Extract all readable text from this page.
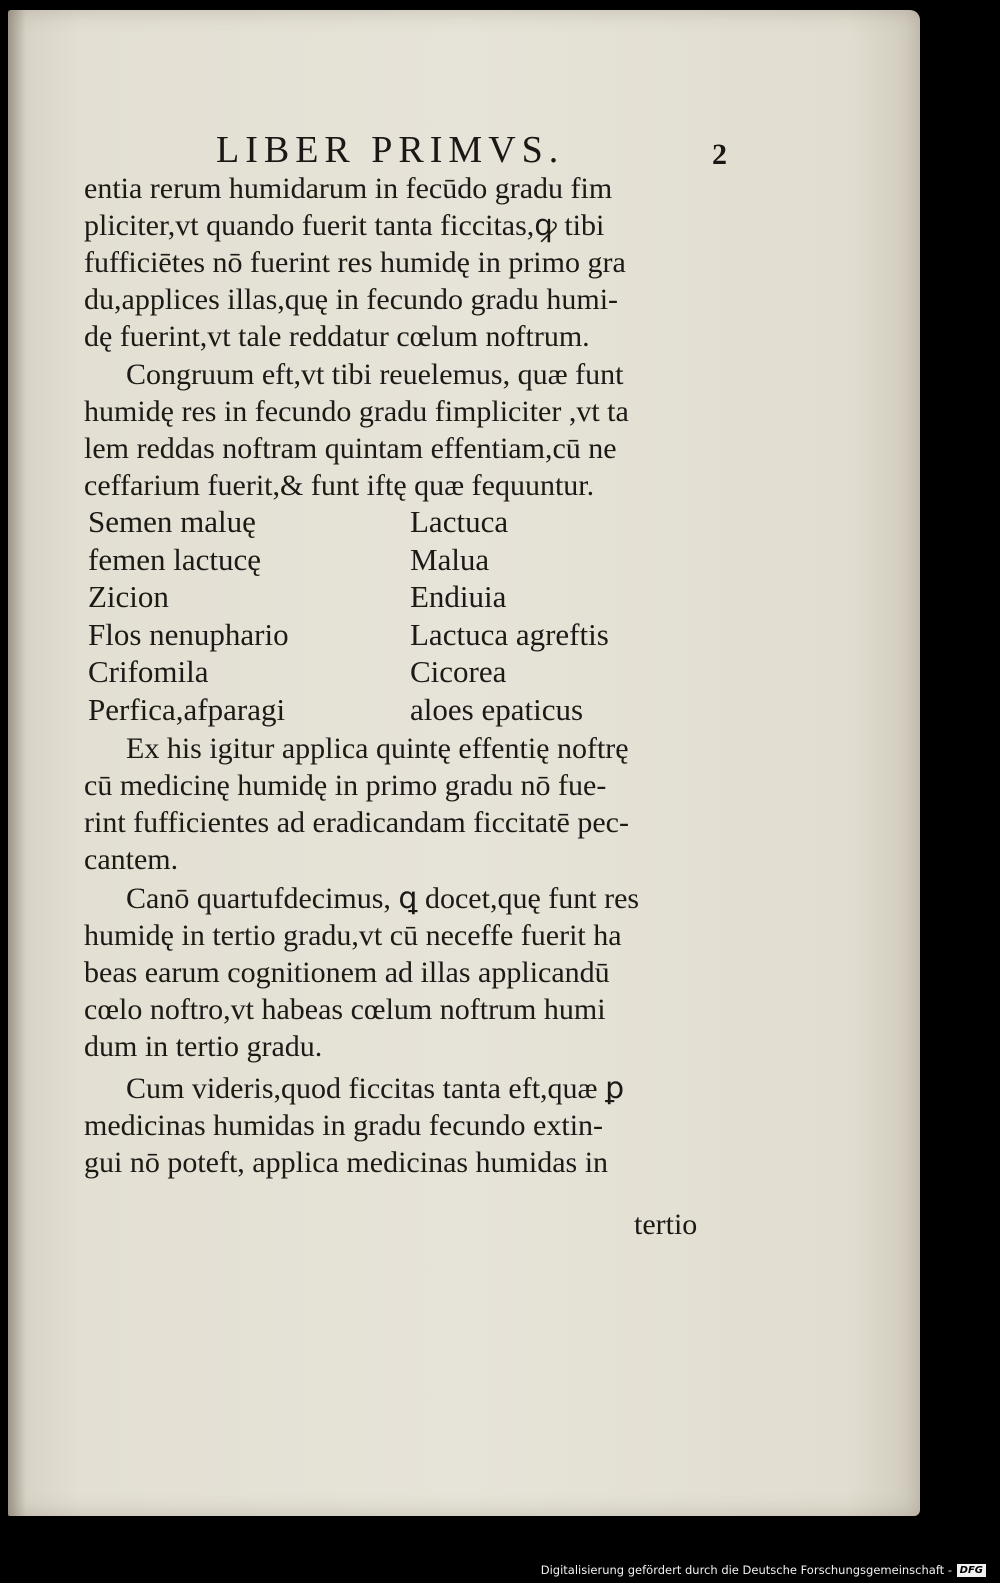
LIBER PRIMVS.	2
entia rerum humidarum in fecūdo gradu fim
pliciter,vt quando fuerit tanta ficcitas,ꝙ tibi
fufficiētes nō fuerint res humidę in primo gra
du,applices illas,quę in fecundo gradu humi-
dę fuerint,vt tale reddatur cœlum noftrum.
Congruum eft,vt tibi reuelemus, quæ funt
humidę res in fecundo gradu fimpliciter ,vt ta
lem reddas noftram quintam effentiam,cū ne
ceffarium fuerit,& funt iftę quæ fequuntur.
Semen maluę	Lactuca
femen lactucę	Malua
Zicion	Endiuia
Flos nenuphario	Lactuca agreftis
Crifomila	Cicorea
Perfica,afparagi	aloes epaticus
Ex his igitur applica quintę effentię noftrę
cū medicinę humidę in primo gradu nō fue-
rint fufficientes ad eradicandam ficcitatē pec-
cantem.
Canō quartufdecimus, ꝗ docet,quę funt res
humidę in tertio gradu,vt cū neceffe fuerit ha
beas earum cognitionem ad illas applicandū
cœlo noftro,vt habeas cœlum noftrum humi
dum in tertio gradu.
Cum videris,quod ficcitas tanta eft,quæ ꝑ
medicinas humidas in gradu fecundo extin-
gui nō poteft, applica medicinas humidas in
tertio
Digitalisierung gefördert durch die Deutsche Forschungsgemeinschaft - DFG
